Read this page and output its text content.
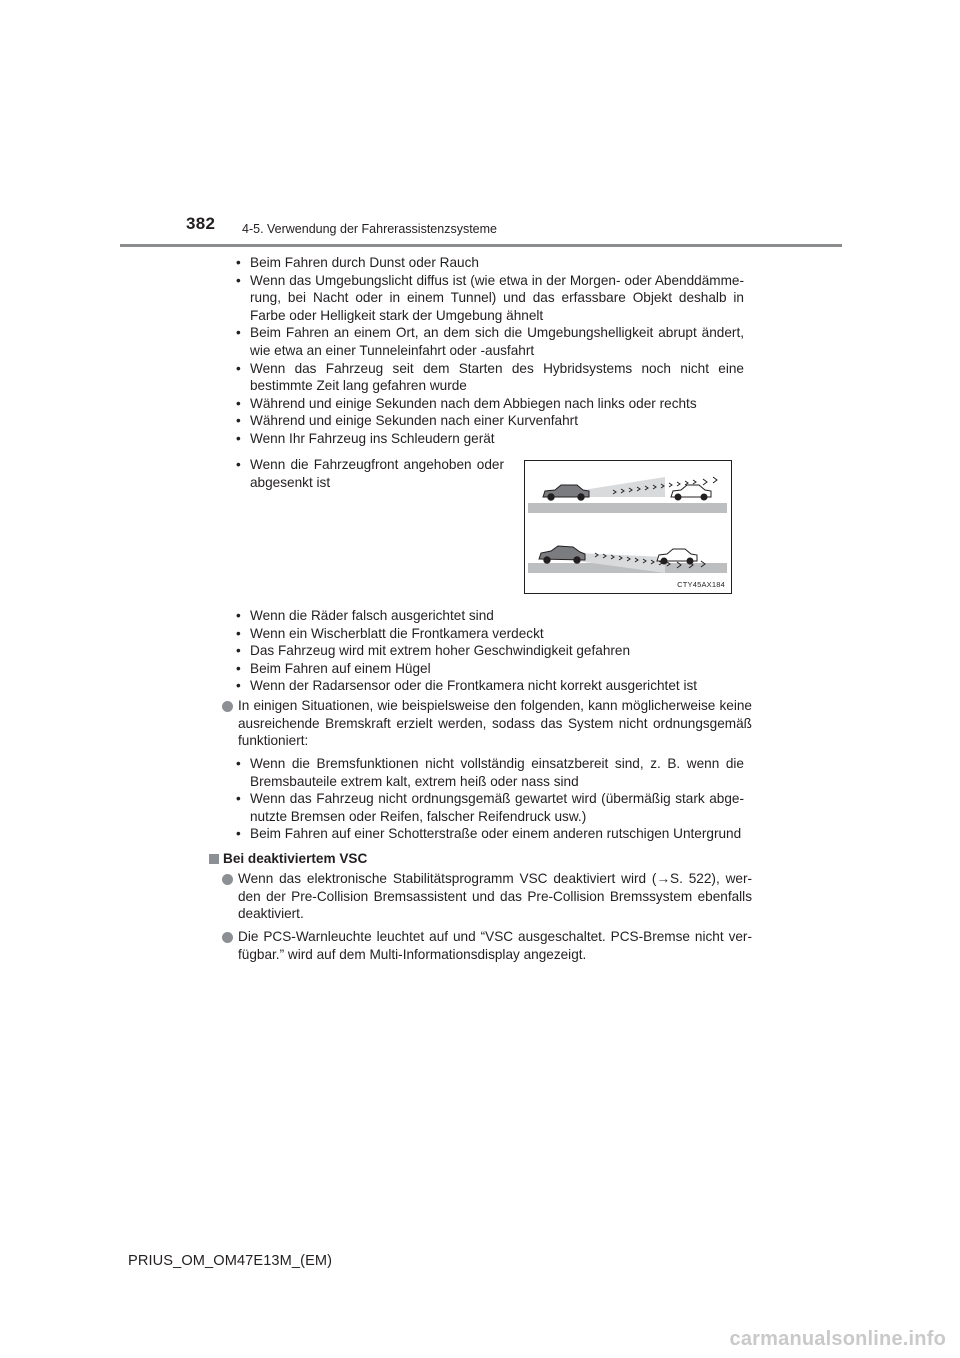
382 4-5. Verwendung der Fahrerassistenzsysteme
• Beim Fahren durch Dunst oder Rauch
• Wenn das Umgebungslicht diffus ist (wie etwa in der Morgen- oder Abenddämme-rung, bei Nacht oder in einem Tunnel) und das erfassbare Objekt deshalb in Farbe oder Helligkeit stark der Umgebung ähnelt
• Beim Fahren an einem Ort, an dem sich die Umgebungshelligkeit abrupt ändert, wie etwa an einer Tunneleinfahrt oder -ausfahrt
• Wenn das Fahrzeug seit dem Starten des Hybridsystems noch nicht eine bestimmte Zeit lang gefahren wurde
• Während und einige Sekunden nach dem Abbiegen nach links oder rechts
• Während und einige Sekunden nach einer Kurvenfahrt
• Wenn Ihr Fahrzeug ins Schleudern gerät
• Wenn die Fahrzeugfront angehoben oder abgesenkt ist
CTY45AX184
• Wenn die Räder falsch ausgerichtet sind
• Wenn ein Wischerblatt die Frontkamera verdeckt
• Das Fahrzeug wird mit extrem hoher Geschwindigkeit gefahren
• Beim Fahren auf einem Hügel
• Wenn der Radarsensor oder die Frontkamera nicht korrekt ausgerichtet ist
In einigen Situationen, wie beispielsweise den folgenden, kann möglicherweise keine ausreichende Bremskraft erzielt werden, sodass das System nicht ordnungsgemäß funktioniert:
• Wenn die Bremsfunktionen nicht vollständig einsatzbereit sind, z. B. wenn die Bremsbauteile extrem kalt, extrem heiß oder nass sind
• Wenn das Fahrzeug nicht ordnungsgemäß gewartet wird (übermäßig stark abge-nutzte Bremsen oder Reifen, falscher Reifendruck usw.)
• Beim Fahren auf einer Schotterstraße oder einem anderen rutschigen Untergrund
Bei deaktiviertem VSC
Wenn das elektronische Stabilitätsprogramm VSC deaktiviert wird (→S. 522), wer-den der Pre-Collision Bremsassistent und das Pre-Collision Bremssystem ebenfalls deaktiviert.
Die PCS-Warnleuchte leuchtet auf und “VSC ausgeschaltet. PCS-Bremse nicht ver-fügbar.” wird auf dem Multi-Informationsdisplay angezeigt.
PRIUS_OM_OM47E13M_(EM)
carmanualsonline.info
